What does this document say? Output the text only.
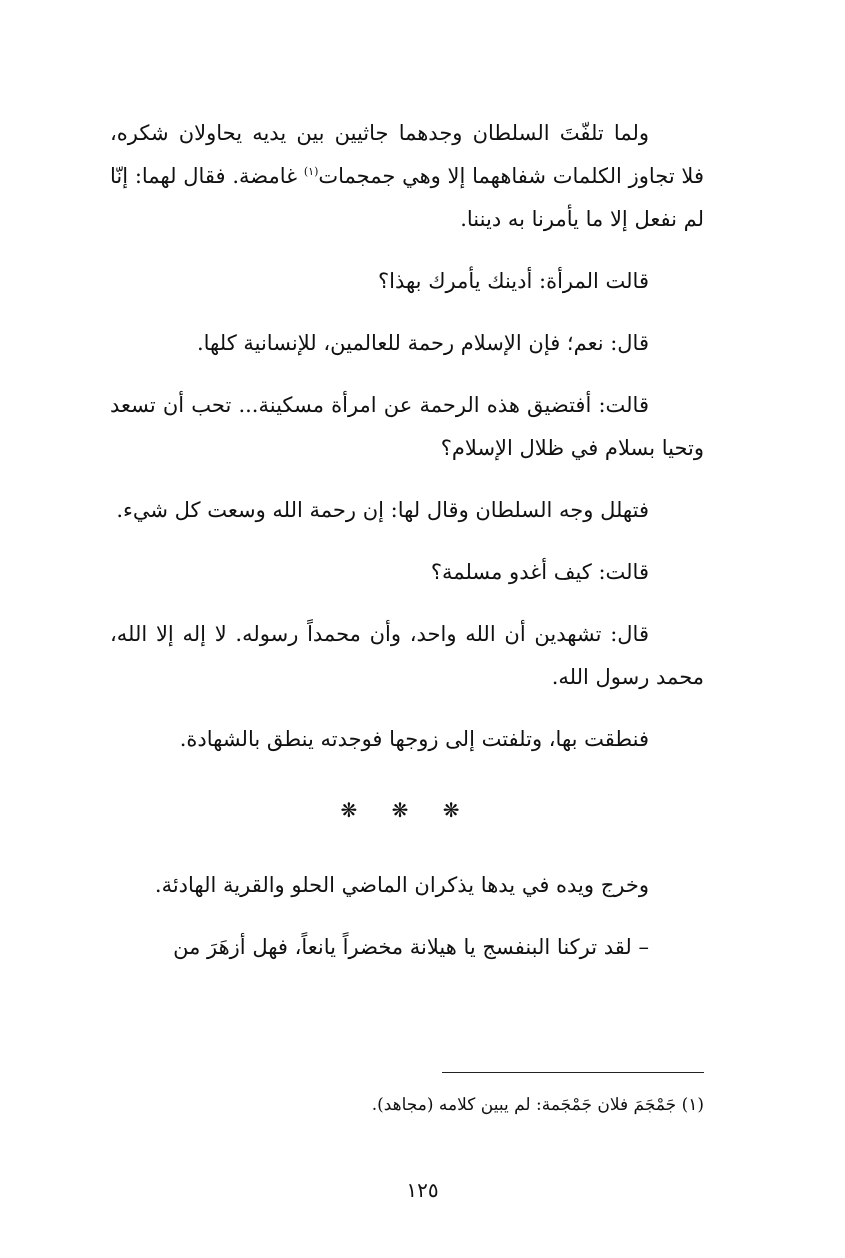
ولما تلفّتَ السلطان وجدهما جاثيين بين يديه يحاولان شكره، فلا تجاوز الكلمات شفاههما إلا وهي جمجمات$^{(١)}$ غامضة. فقال لهما: إنّا لم نفعل إلا ما يأمرنا به ديننا.

قالت المرأة: أدينك يأمرك بهذا؟

قال: نعم؛ فإن الإسلام رحمة للعالمين، للإنسانية كلها.

قالت: أفتضيق هذه الرحمة عن امرأة مسكينة... تحب أن تسعد وتحيا بسلام في ظلال الإسلام؟

فتهلل وجه السلطان وقال لها: إن رحمة الله وسعت كل شيء.

قالت: كيف أغدو مسلمة؟

قال: تشهدين أن الله واحد، وأن محمداً رسوله. لا إله إلا الله، محمد رسول الله.

فنطقت بها، وتلفتت إلى زوجها فوجدته ينطق بالشهادة.

❋ ❋ ❋

وخرج ويده في يدها يذكران الماضي الحلو والقرية الهادئة.

– لقد تركنا البنفسج يا هيلانة مخضراً يانعاً، فهل أزهَرَ من

(١) جَمْجَمَ فلان جَمْجَمة: لم يبين كلامه (مجاهد).
١٢٥
